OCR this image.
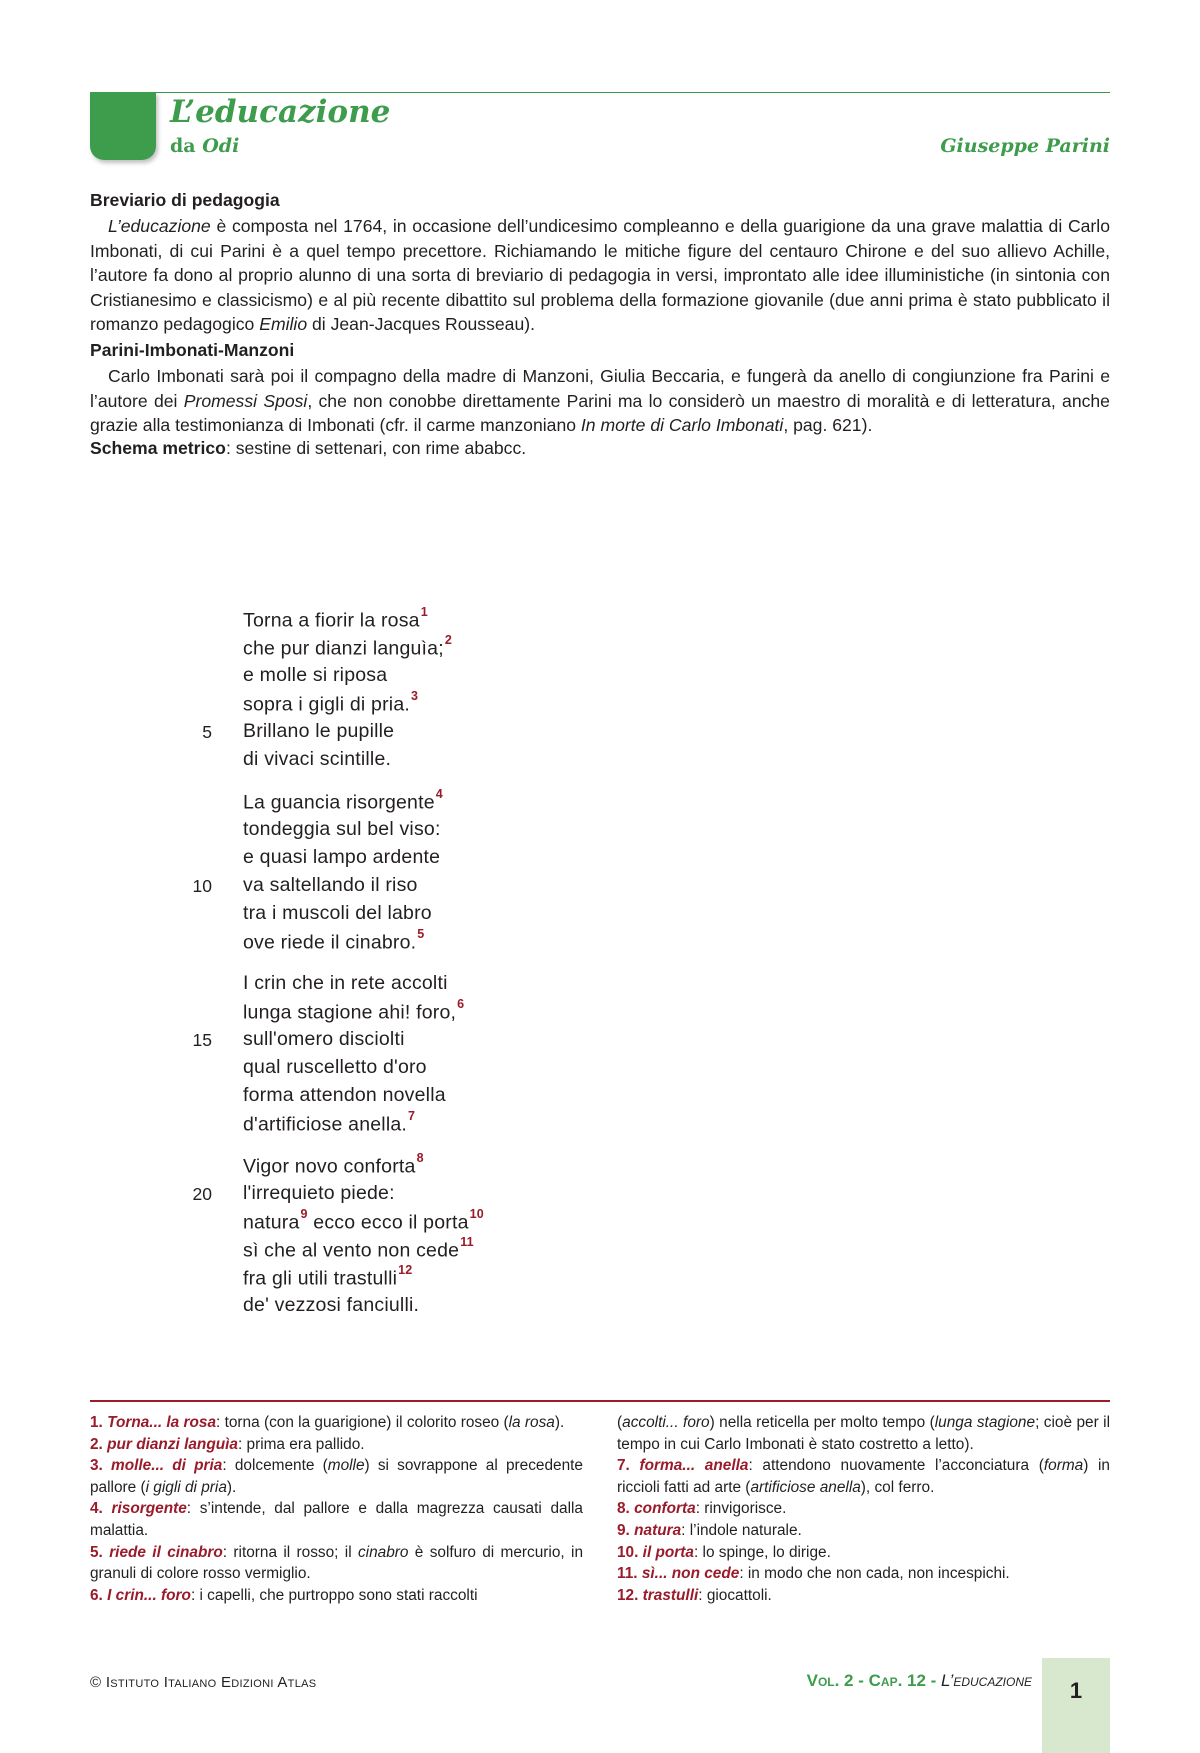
L’educazione
da Odi	Giuseppe Parini
Breviario di pedagogia

L’educazione è composta nel 1764, in occasione dell’undicesimo compleanno e della guarigione da una grave malattia di Carlo Imbonati, di cui Parini è a quel tempo precettore. Richiamando le mitiche figure del centauro Chirone e del suo allievo Achille, l’autore fa dono al proprio alunno di una sorta di breviario di pedagogia in versi, improntato alle idee illuministiche (in sintonia con Cristianesimo e classicismo) e al più recente dibattito sul problema della formazione giovanile (due anni prima è stato pubblicato il romanzo pedagogico Emilio di Jean-Jacques Rousseau).

Parini-Imbonati-Manzoni

Carlo Imbonati sarà poi il compagno della madre di Manzoni, Giulia Beccaria, e fungerà da anello di congiunzione fra Parini e l’autore dei Promessi Sposi, che non conobbe direttamente Parini ma lo considerò un maestro di moralità e di letteratura, anche grazie alla testimonianza di Imbonati (cfr. il carme manzoniano In morte di Carlo Imbonati, pag. 621).

Schema metrico: sestine di settenari, con rime ababcc.
Torna a fiorir la rosa$^1$
che pur dianzi languìa;$^2$
e molle si riposa
sopra i gigli di pria.$^3$
Brillano le pupille
5
di vivaci scintille.
La guancia risorgente$^4$
tondeggia sul bel viso:
e quasi lampo ardente
va saltellando il riso
10
tra i muscoli del labro
ove riede il cinabro.$^5$
I crin che in rete accolti
lunga stagione ahi! foro,$^6$
sull'omero disciolti
15
qual ruscelletto d'oro
forma attendon novella
d'artificiose anella.$^7$
Vigor novo conforta$^8$
l'irrequieto piede:
20
natura$^9$ ecco ecco il porta$^{10}$
sì che al vento non cede$^{11}$
fra gli utili trastulli$^{12}$
de' vezzosi fanciulli.

1. Torna... la rosa: torna (con la guarigione) il colorito roseo (la rosa).

2. pur dianzi languìa: prima era pallido.

3. molle... di pria: dolcemente (molle) si sovrappone al precedente pallore (i gigli di pria).

4. risorgente: s’intende, dal pallore e dalla magrezza causati dalla malattia.

5. riede il cinabro: ritorna il rosso; il cinabro è solfuro di mercurio, in granuli di colore rosso vermiglio.

6. I crin... foro: i capelli, che purtroppo sono stati raccolti

(accolti... foro) nella reticella per molto tempo (lunga stagione; cioè per il tempo in cui Carlo Imbonati è stato costretto a letto).

7. forma... anella: attendono nuovamente l’acconciatura (forma) in riccioli fatti ad arte (artificiose anella), col ferro.

8. conforta: rinvigorisce.

9. natura: l’indole naturale.

10. il porta: lo spinge, lo dirige.

11. sì... non cede: in modo che non cada, non incespichi.

12. trastulli: giocattoli.

© Istituto Italiano Edizioni Atlas	Vol. 2 - Cap. 12 - L’educazione	1
